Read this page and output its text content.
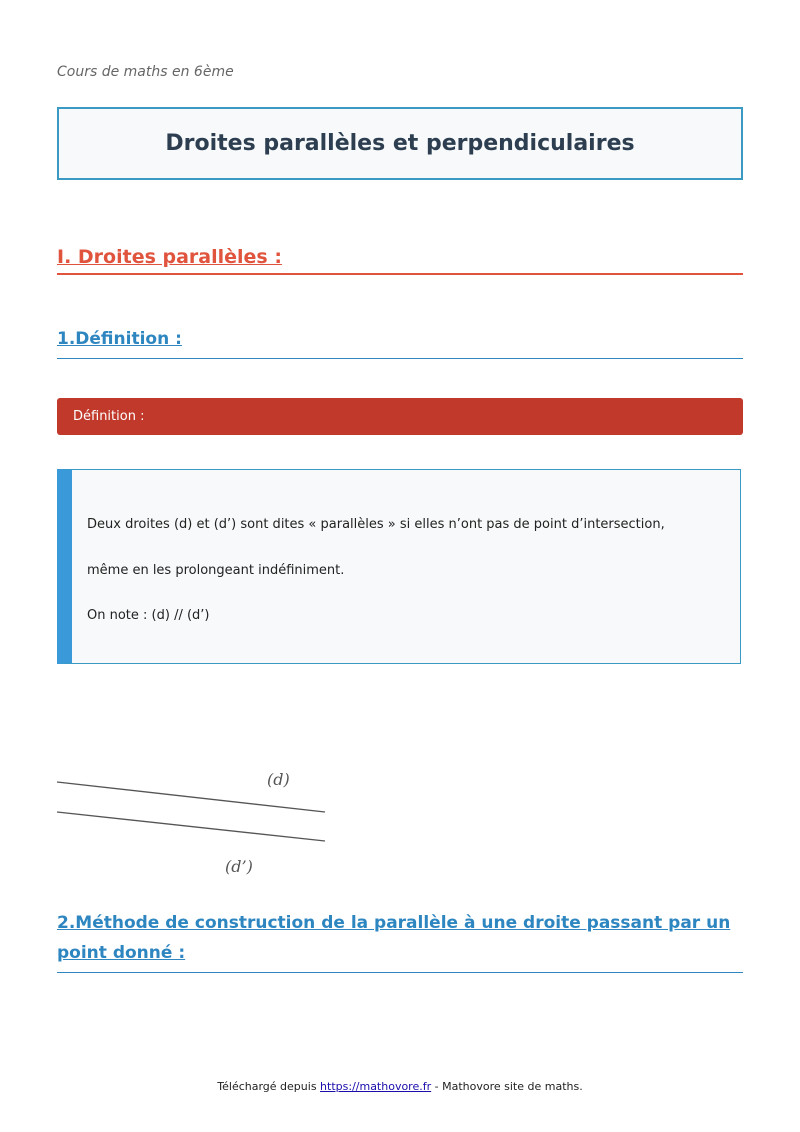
Cours de maths en 6ème
Droites parallèles et perpendiculaires
I. Droites parallèles :
1.Définition :
Définition :

Deux droites (d) et (d’) sont dites « parallèles » si elles n’ont pas de point d’intersection,

même en les prolongeant indéfiniment.

On note : (d) // (d’)

(d)
(d’)
2.Méthode de construction de la parallèle à une droite passant par un point donné :
Téléchargé depuis https://mathovore.fr - Mathovore site de maths.
